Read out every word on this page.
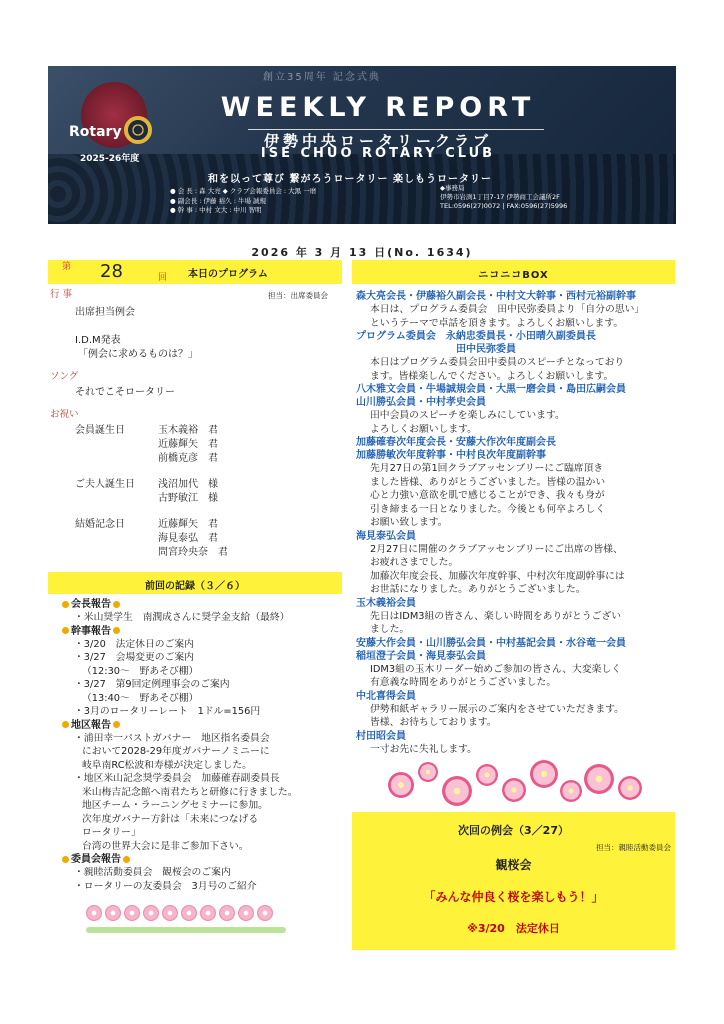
創立35周年 記念式典
WEEKLY REPORT
伊勢中央ロータリークラブ
ISE CHUO ROTARY CLUB
和を以って尊び 繋がろうロータリー 楽しもうロータリー
Rotary
2025-26年度
● 会 長 : 森 大亮 ◆ クラブ会報委員会 : 大黒 一磨
● 副会長 : 伊藤 裕久 : 牛場 誠規
● 幹 事 : 中村 文大 : 中川 智明
◆事務局
伊勢市岩渕1丁目7-17 伊勢商工会議所2F
TEL:0596(27)0072 | FAX:0596(27)5996
2026 年 3 月 13 日(No. 1634)
第 28	回 本日のプログラム
行 事	担当：出席委員会
出席担当例会
I.D.M発表
「例会に求めるものは？」
ソング
それでこそロータリー
お祝い
会員誕生日	玉木義裕　君
近藤輝矢　君
前橋克彦　君
ご夫人誕生日 浅沼加代　様
古野敏江　様
結婚記念日	近藤輝矢　君
海見泰弘　君
問宮玲央奈　君
前回の記録（３／６）
会長報告
・米山奨学生　南潤成さんに奨学金支給（最終）
幹事報告
・3/20　法定休日のご案内
・3/27　会場変更のご案内
（12:30～　野あそび棚）
・3/27　第9回定例理事会のご案内
（13:40～　野あそび棚）
・3月のロータリーレート　1ドル=156円
地区報告
・浦田幸一パストガバナー　地区指名委員会
において2028-29年度ガバナーノミニーに
岐阜南RC松波和寿様が決定しました。
・地区米山記念奨学委員会　加藤確春副委員長
米山梅吉記念館へ南君たちと研修に行きました。
地区チーム・ラーニングセミナーに参加。
次年度ガバナー方針は「未来につなげる
ロータリー」
台湾の世界大会に是非ご参加下さい。
委員会報告
・親睦活動委員会　観桜会のご案内
・ロータリーの友委員会　3月号のご紹介
ニコニコBOX
森大亮会長・伊藤裕久副会長・中村文大幹事・西村元裕副幹事
本日は、プログラム委員会　田中民弥委員より「自分の思い」
というテーマで卓話を頂きます。よろしくお願いします。
プログラム委員会　永納忠委員長・小田晴久副委員長
田中民弥委員
本日はプログラム委員会田中委員のスピーチとなっており
ます。皆様楽しんでください。よろしくお願いします。
八木雅文会員・牛場誠規会員・大黒一磨会員・島田広嗣会員
山川勝弘会員・中村孝史会員
田中会員のスピーチを楽しみにしています。
よろしくお願いします。
加藤確春次年度会長・安藤大作次年度副会長
加藤勝敏次年度幹事・中村良次年度副幹事
先月27日の第1回クラブアッセンブリーにご臨席頂き
ました皆様、ありがとうございました。皆様の温かい
心と力強い意欲を肌で感じることができ、我々も身が
引き締まる一日となりました。今後とも何卒よろしく
お願い致します。
海見泰弘会員
2月27日に開催のクラブアッセンブリーにご出席の皆様、
お疲れさまでした。
加藤次年度会長、加藤次年度幹事、中村次年度副幹事には
お世話になりました。ありがとうございました。
玉木義裕会員
先日はIDM3組の皆さん、楽しい時間をありがとうござい
ました。
安藤大作会員・山川勝弘会員・中村基記会員・水谷竜一会員
稲垣澄子会員・海見泰弘会員
IDM3組の玉木リーダー始めご参加の皆さん、大変楽しく
有意義な時間をありがとうございました。
中北喜得会員
伊勢和紙ギャラリー展示のご案内をさせていただきます。
皆様、お待ちしております。
村田昭会員
一寸お先に失礼します。
次回の例会（3／27）
担当：親睦活動委員会
観桜会
「みんな仲良く桜を楽しもう！」
※3/20　法定休日
